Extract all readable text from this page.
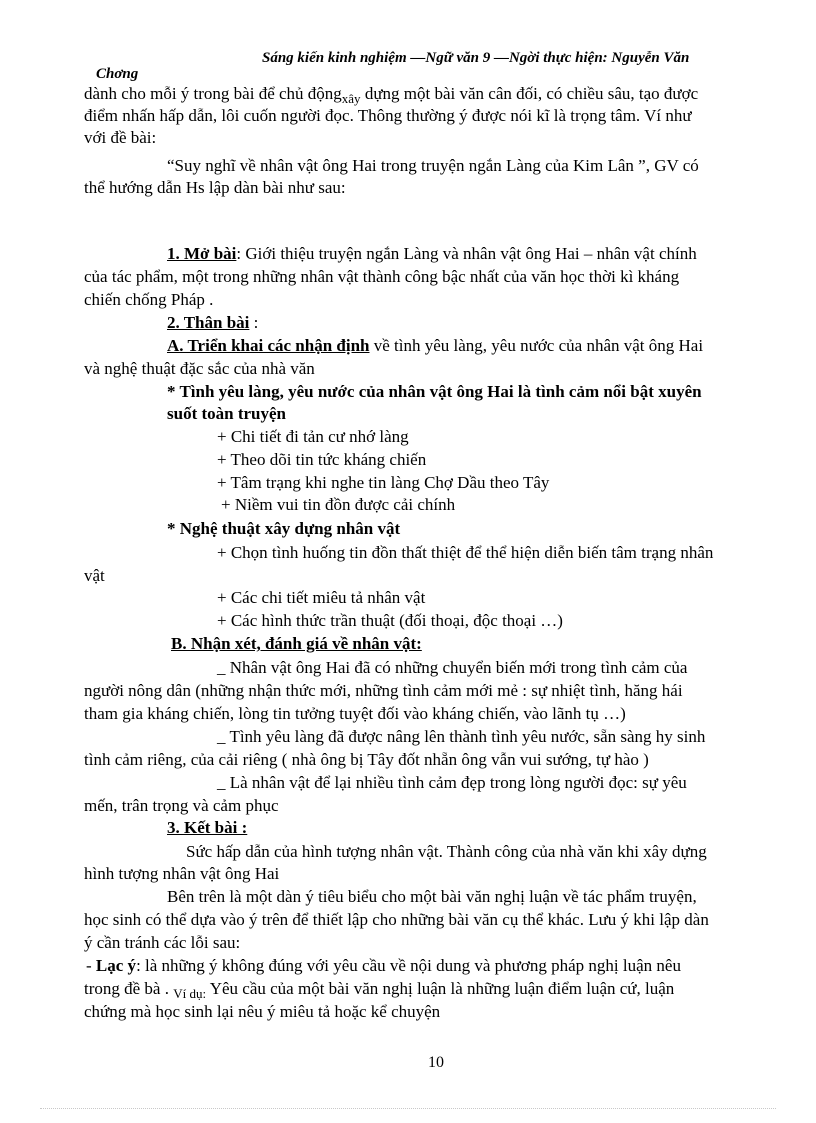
Sáng kiến kinh nghiệm —Ngữ văn 9 —Ngời thực hiện: Nguyễn Văn
Chơng
dành cho mỗi ý trong bài để chủ động$_{xây}$ dựng một bài văn cân đối, có chiều sâu, tạo được
điểm nhấn hấp dẫn, lôi cuốn người đọc. Thông thường ý được nói kĩ là trọng tâm. Ví như
với đề bài:
“Suy nghĩ về nhân vật ông Hai trong truyện ngắn Làng của Kim Lân ”, GV có
thể hướng dẫn Hs lập dàn bài như sau:
1. Mở bài: Giới thiệu truyện ngắn Làng và nhân vật ông Hai – nhân vật chính
của tác phẩm, một trong những nhân vật thành công bậc nhất của văn học thời kì kháng
chiến chống Pháp .
2. Thân bài :
A. Triển khai các nhận định về tình yêu làng, yêu nước của nhân vật ông Hai
và nghệ thuật đặc sắc của nhà văn
* Tình yêu làng, yêu nước của nhân vật ông Hai là tình cảm nổi bật xuyên
suốt toàn truyện
+ Chi tiết đi tản cư nhớ làng
+ Theo dõi tin tức kháng chiến
+ Tâm trạng khi nghe tin làng Chợ Dầu theo Tây
+ Niềm vui tin đồn được cải chính
* Nghệ thuật xây dựng nhân vật
+ Chọn tình huống tin đồn thất thiệt để thể hiện diễn biến tâm trạng nhân
vật
+ Các chi tiết miêu tả nhân vật
+ Các hình thức trần thuật (đối thoại, độc thoại …)
B. Nhận xét, đánh giá về nhân vật:
_ Nhân vật ông Hai đã có những chuyển biến mới trong tình cảm của
người nông dân (những nhận thức mới, những tình cảm mới mẻ : sự nhiệt tình, hăng hái
tham gia kháng chiến, lòng tin tưởng tuyệt đối vào kháng chiến, vào lãnh tụ …)
_ Tình yêu làng đã được nâng lên thành tình yêu nước, sẵn sàng hy sinh
tình cảm riêng, của cải riêng ( nhà ông bị Tây đốt nhẵn ông vẫn vui sướng, tự hào )
_ Là nhân vật để lại nhiều tình cảm đẹp trong lòng người đọc: sự yêu
mến, trân trọng và cảm phục
3. Kết bài :
Sức hấp dẫn của hình tượng nhân vật. Thành công của nhà văn khi xây dựng
hình tượng nhân vật ông Hai
Bên trên là một dàn ý tiêu biểu cho một bài văn nghị luận về tác phẩm truyện,
học sinh có thể dựa vào ý trên để thiết lập cho những bài văn cụ thể khác. Lưu ý khi lập dàn
ý cần tránh các lỗi sau:
- Lạc ý: là những ý không đúng với yêu cầu về nội dung và phương pháp nghị luận nêu
trong đề bà . $_{Ví dụ:}$ Yêu cầu của một bài văn nghị luận là những luận điểm luận cứ, luận
chứng mà học sinh lại nêu ý miêu tả hoặc kể chuyện
10
